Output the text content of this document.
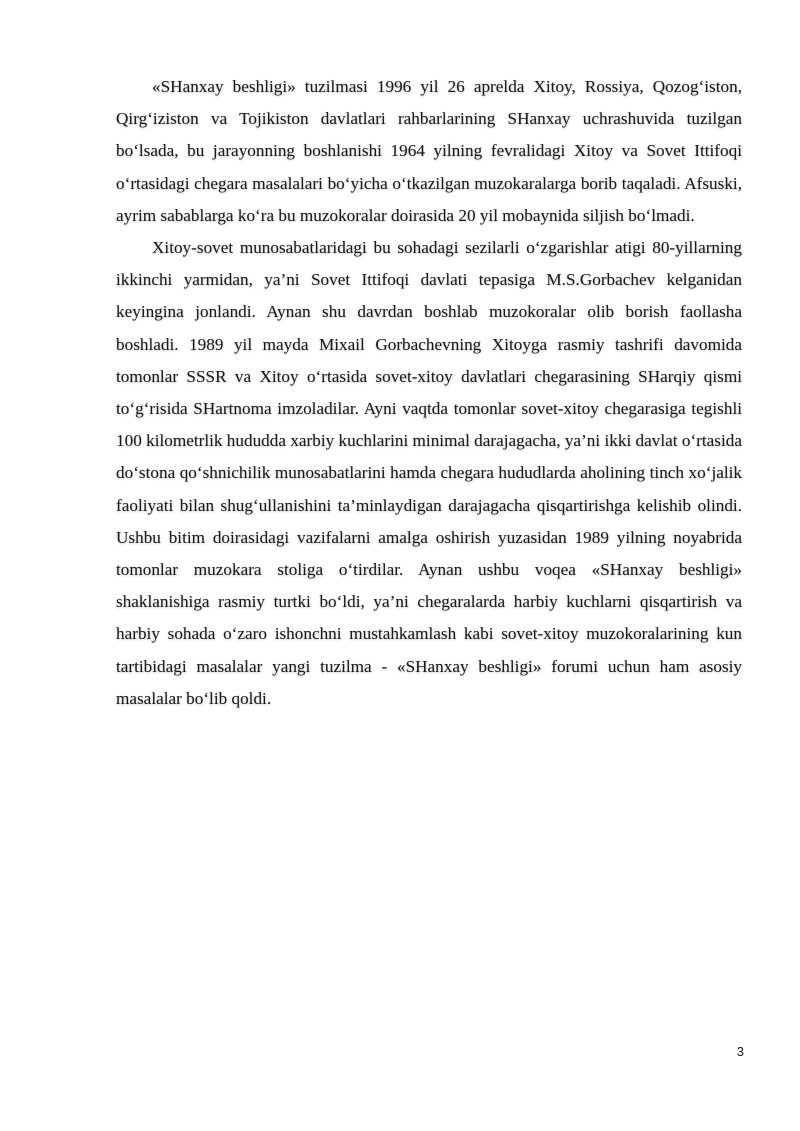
«SHanxay beshligi» tuzilmasi 1996 yil 26 aprelda Xitoy, Rossiya, Qozog‘iston, Qirg‘iziston va Tojikiston davlatlari rahbarlarining SHanxay uchrashuvida tuzilgan bo‘lsada, bu jarayonning boshlanishi 1964 yilning fevralidagi Xitoy va Sovet Ittifoqi o‘rtasidagi chegara masalalari bo‘yicha o‘tkazilgan muzokaralarga borib taqaladi. Afsuski, ayrim sabablarga ko‘ra bu muzokoralar doirasida 20 yil mobaynida siljish bo‘lmadi.

Xitoy-sovet munosabatlaridagi bu sohadagi sezilarli o‘zgarishlar atigi 80-yillarning ikkinchi yarmidan, ya’ni Sovet Ittifoqi davlati tepasiga M.S.Gorbachev kelganidan keyingina jonlandi. Aynan shu davrdan boshlab muzokoralar olib borish faollasha boshladi. 1989 yil mayda Mixail Gorbachevning Xitoyga rasmiy tashrifi davomida tomonlar SSSR va Xitoy o‘rtasida sovet-xitoy davlatlari chegarasining SHarqiy qismi to‘g‘risida SHartnoma imzoladilar. Ayni vaqtda tomonlar sovet-xitoy chegarasiga tegishli 100 kilometrlik hududda xarbiy kuchlarini minimal darajagacha, ya’ni ikki davlat o‘rtasida do‘stona qo‘shnichilik munosabatlarini hamda chegara hududlarda aholining tinch xo‘jalik faoliyati bilan shug‘ullanishini ta’minlaydigan darajagacha qisqartirishga kelishib olindi. Ushbu bitim doirasidagi vazifalarni amalga oshirish yuzasidan 1989 yilning noyabrida tomonlar muzokara stoliga o‘tirdilar. Aynan ushbu voqea «SHanxay beshligi» shaklanishiga rasmiy turtki bo‘ldi, ya’ni chegaralarda harbiy kuchlarni qisqartirish va harbiy sohada o‘zaro ishonchni mustahkamlash kabi sovet-xitoy muzokoralarining kun tartibidagi masalalar yangi tuzilma - «SHanxay beshligi» forumi uchun ham asosiy masalalar bo‘lib qoldi.

3
